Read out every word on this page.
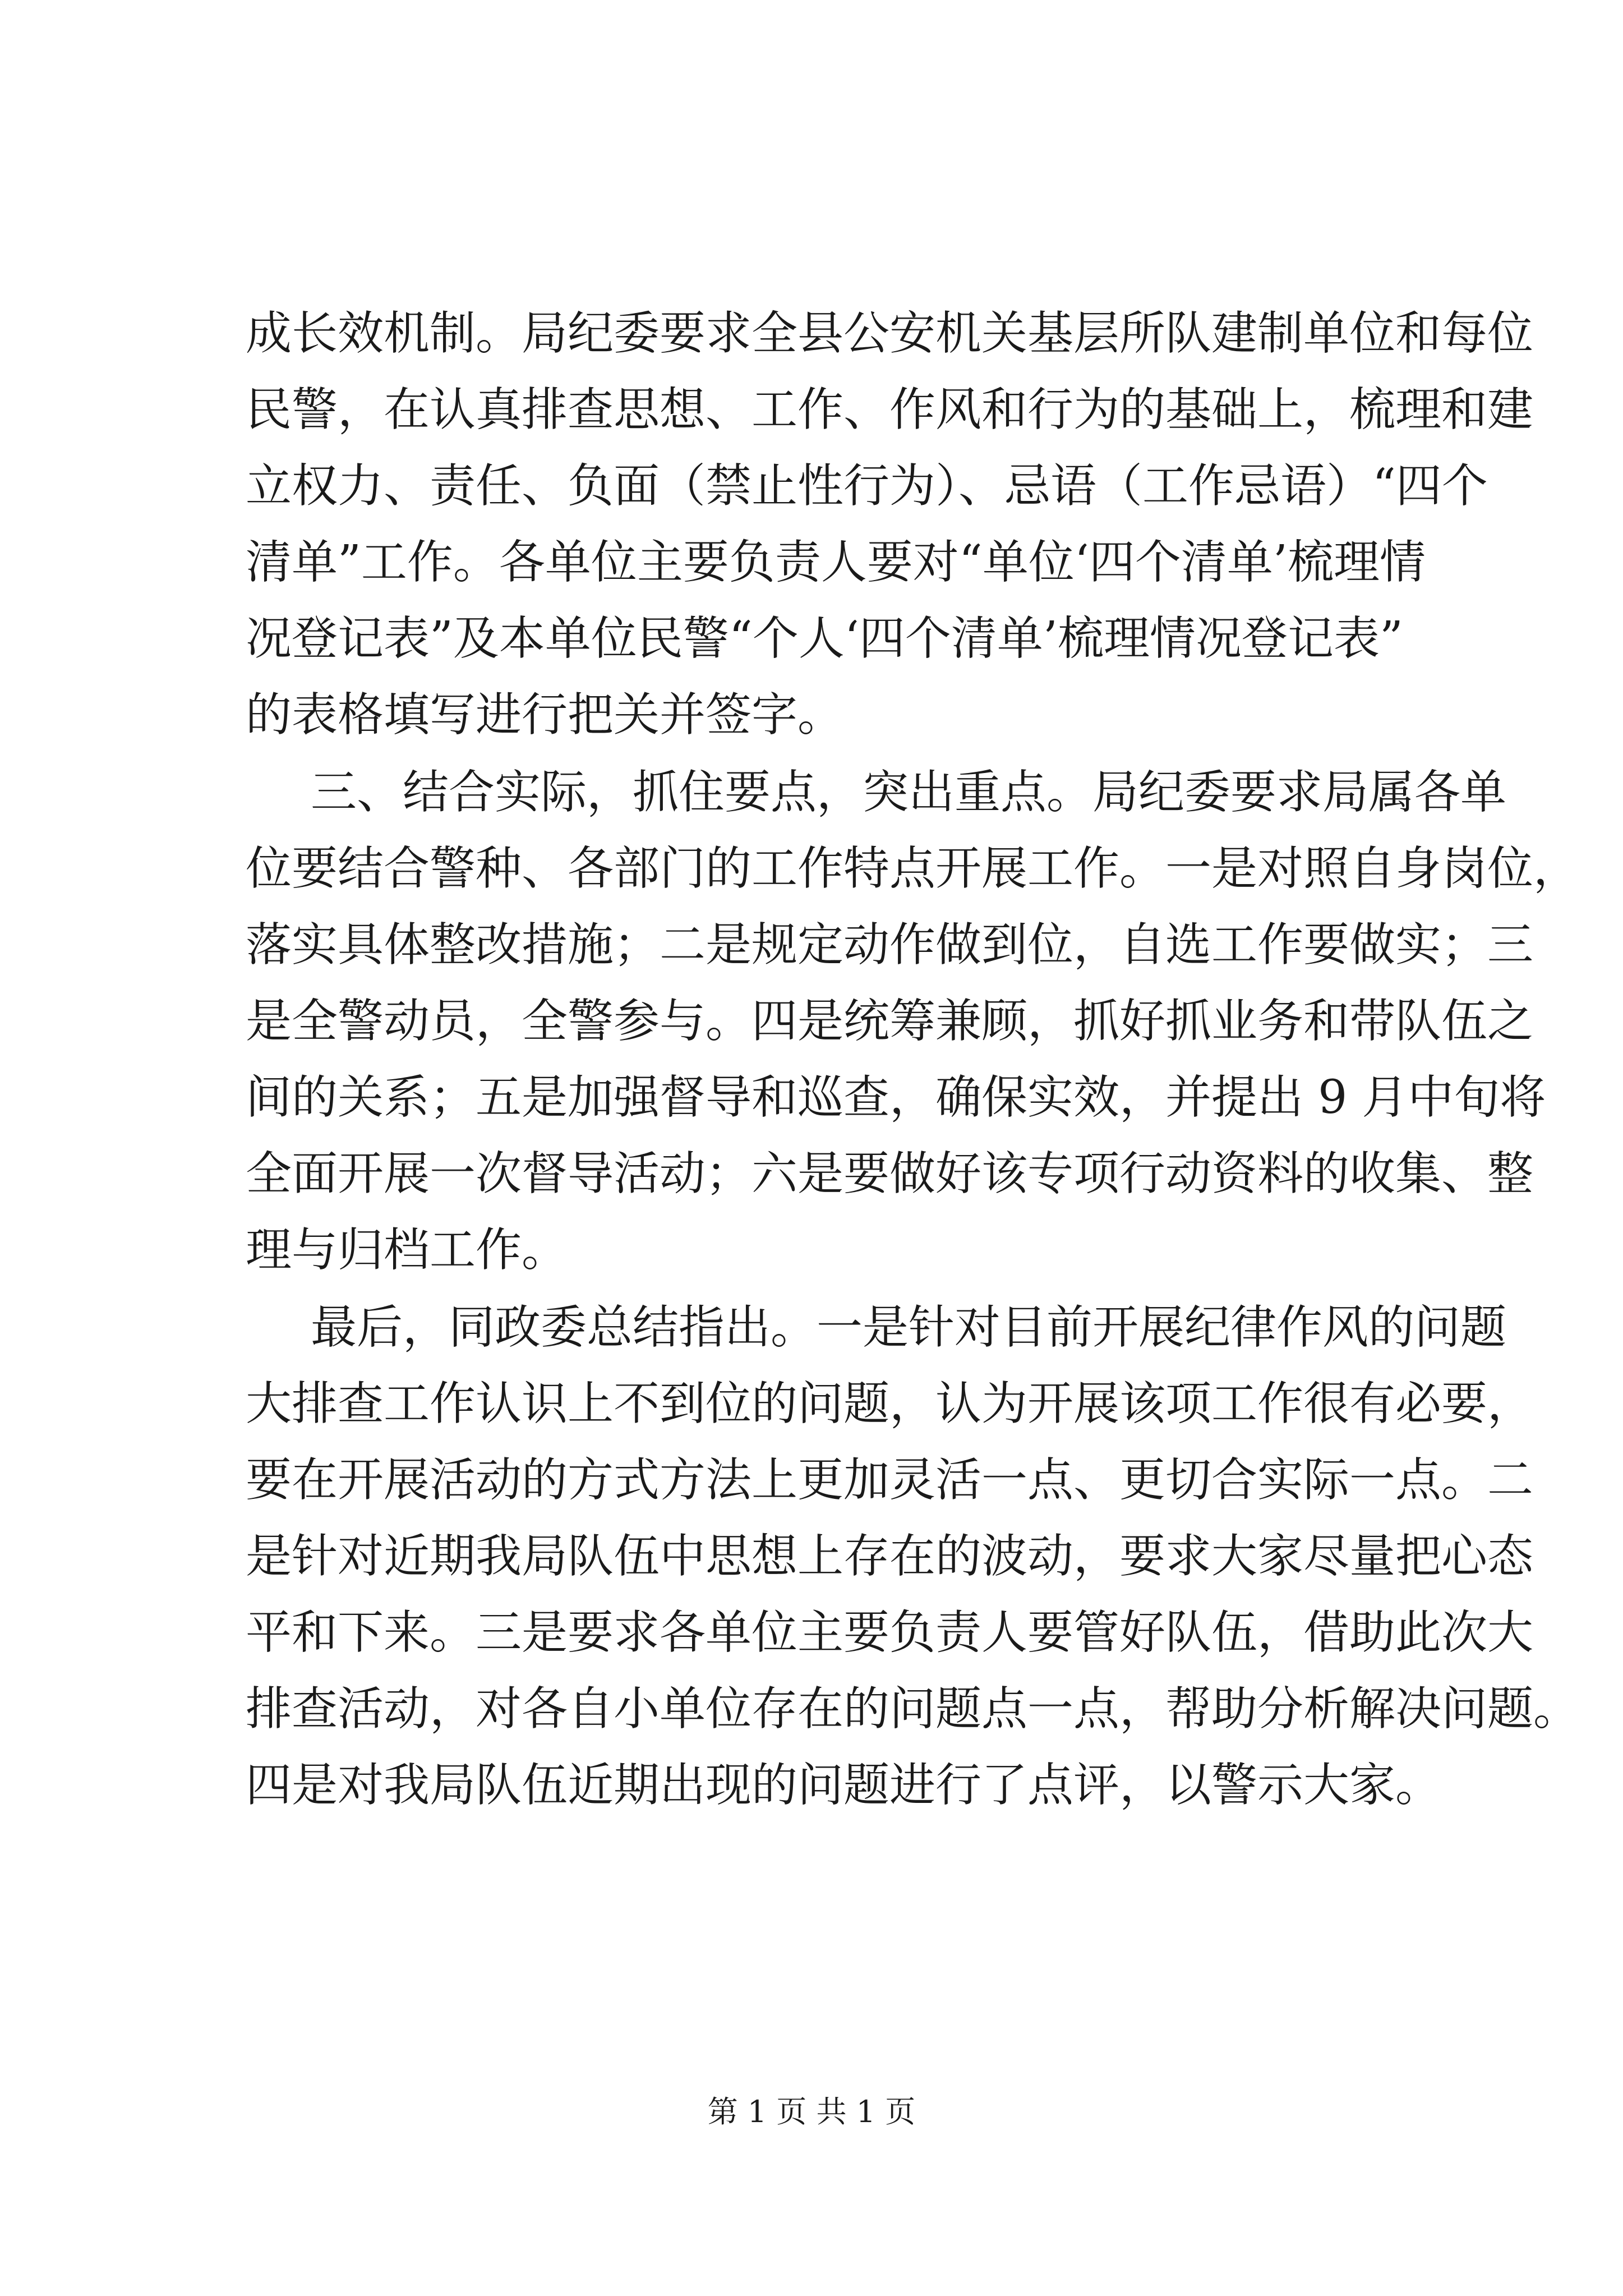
成长效机制。局纪委要求全县公安机关基层所队建制单位和每位

民警，在认真排查思想、工作、作风和行为的基础上，梳理和建

立权力、责任、负面（禁止性行为）、忌语（工作忌语）“四个

清单”工作。各单位主要负责人要对“单位‘四个清单’梳理情

况登记表”及本单位民警“个人‘四个清单’梳理情况登记表”

的表格填写进行把关并签字。

三、结合实际，抓住要点，突出重点。局纪委要求局属各单

位要结合警种、各部门的工作特点开展工作。一是对照自身岗位，

落实具体整改措施；二是规定动作做到位，自选工作要做实；三

是全警动员，全警参与。四是统筹兼顾，抓好抓业务和带队伍之

间的关系；五是加强督导和巡查，确保实效，并提出 9 月中旬将

全面开展一次督导活动；六是要做好该专项行动资料的收集、整

理与归档工作。

最后，同政委总结指出。一是针对目前开展纪律作风的问题

大排查工作认识上不到位的问题，认为开展该项工作很有必要，

要在开展活动的方式方法上更加灵活一点、更切合实际一点。二

是针对近期我局队伍中思想上存在的波动，要求大家尽量把心态

平和下来。三是要求各单位主要负责人要管好队伍，借助此次大

排查活动，对各自小单位存在的问题点一点，帮助分析解决问题。

四是对我局队伍近期出现的问题进行了点评，以警示大家。

第 1 页 共 1 页
